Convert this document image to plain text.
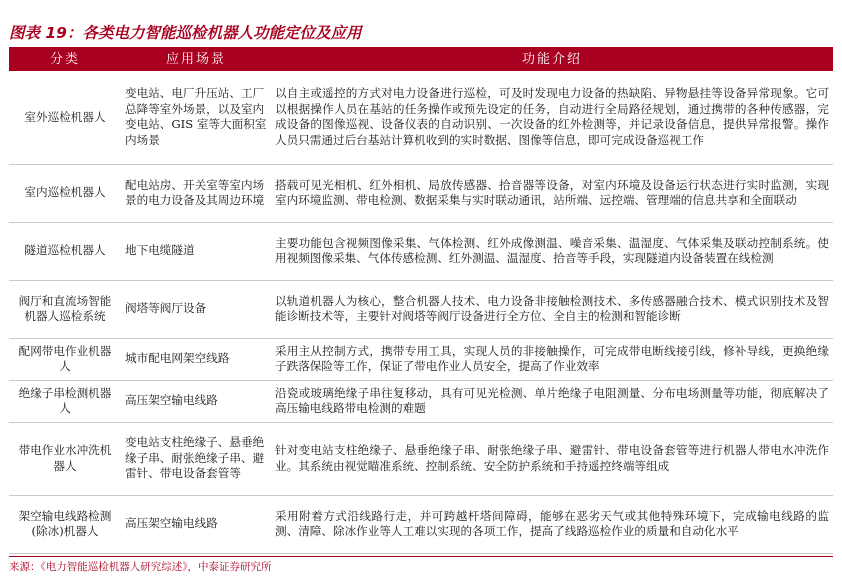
图表 19：各类电力智能巡检机器人功能定位及应用
分类	应用场景	功能介绍
室外巡检机器人	变电站、电厂升压站、工厂总降等室外场景，以及室内变电站、GIS 室等大面积室内场景	以自主或遥控的方式对电力设备进行巡检，可及时发现电力设备的热缺陷、异物悬挂等设备异常现象。它可以根据操作人员在基站的任务操作或预先设定的任务，自动进行全局路径规划，通过携带的各种传感器，完成设备的图像巡视、设备仪表的自动识别、一次设备的红外检测等，并记录设备信息，提供异常报警。操作人员只需通过后台基站计算机收到的实时数据、图像等信息，即可完成设备巡视工作
室内巡检机器人	配电站房、开关室等室内场景的电力设备及其周边环境	搭载可见光相机、红外相机、局放传感器、拾音器等设备，对室内环境及设备运行状态进行实时监测，实现室内环境监测、带电检测、数据采集与实时联动通讯，站所端、远控端、管理端的信息共享和全面联动
隧道巡检机器人	地下电缆隧道	主要功能包含视频图像采集、气体检测、红外成像测温、噪音采集、温湿度、气体采集及联动控制系统。使用视频图像采集、气体传感检测、红外测温、温湿度、拾音等手段，实现隧道内设备装置在线检测
阀厅和直流场智能机器人巡检系统	阀塔等阀厅设备	以轨道机器人为核心，整合机器人技术、电力设备非接触检测技术、多传感器融合技术、模式识别技术及智能诊断技术等，主要针对阀塔等阀厅设备进行全方位、全自主的检测和智能诊断
配网带电作业机器人	城市配电网架空线路	采用主从控制方式，携带专用工具，实现人员的非接触操作，可完成带电断线接引线，修补导线，更换绝缘子跌落保险等工作，保证了带电作业人员安全，提高了作业效率
绝缘子串检测机器人	高压架空输电线路	沿瓷或玻璃绝缘子串往复移动，具有可见光检测、单片绝缘子电阻测量、分布电场测量等功能，彻底解决了高压输电线路带电检测的难题
带电作业水冲洗机器人	变电站支柱绝缘子、悬垂绝缘子串、耐张绝缘子串、避雷针、带电设备套管等	针对变电站支柱绝缘子、悬垂绝缘子串、耐张绝缘子串、避雷针、带电设备套管等进行机器人带电水冲洗作业。其系统由视觉瞄准系统、控制系统、安全防护系统和手持遥控终端等组成
架空输电线路检测(除冰)机器人	高压架空输电线路	采用附着方式沿线路行走，并可跨越杆塔间障碍，能够在恶劣天气或其他特殊环境下，完成输电线路的监测、清障、除冰作业等人工难以实现的各项工作，提高了线路巡检作业的质量和自动化水平
来源：《电力智能巡检机器人研究综述》，中泰证券研究所
